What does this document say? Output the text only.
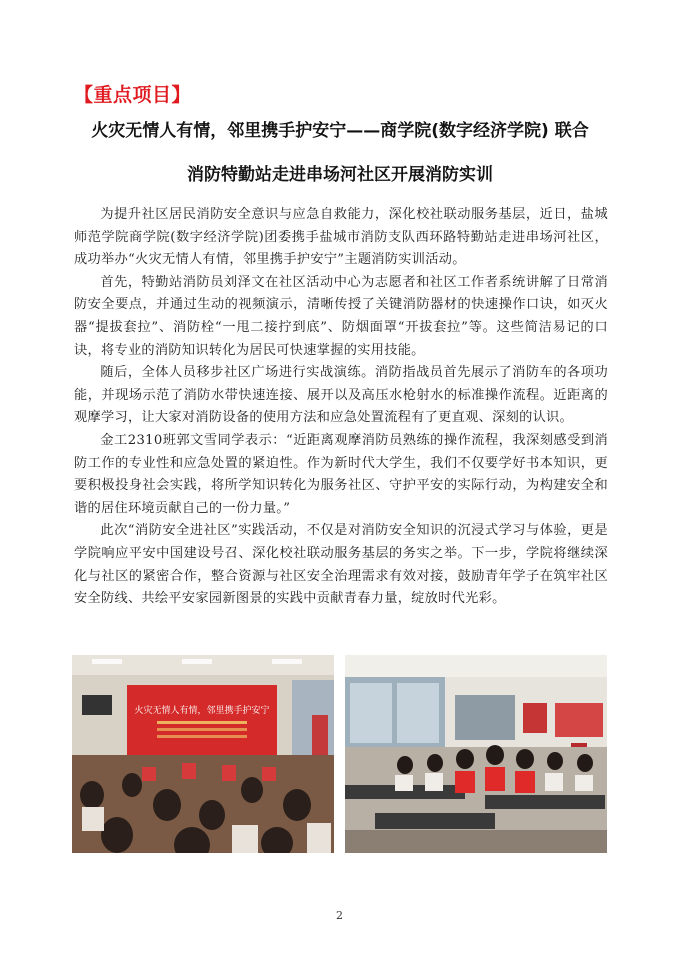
【重点项目】
火灾无情人有情，邻里携手护安宁——商学院(数字经济学院) 联合
消防特勤站走进串场河社区开展消防实训

为提升社区居民消防安全意识与应急自救能力，深化校社联动服务基层，近日，盐城师范学院商学院(数字经济学院)团委携手盐城市消防支队西环路特勤站走进串场河社区，成功举办“火灾无情人有情，邻里携手护安宁”主题消防实训活动。

首先，特勤站消防员刘泽文在社区活动中心为志愿者和社区工作者系统讲解了日常消防安全要点，并通过生动的视频演示，清晰传授了关键消防器材的快速操作口诀，如灭火器“提拔套拉”、消防栓“一甩二接拧到底”、防烟面罩“开拔套拉”等。这些简洁易记的口诀，将专业的消防知识转化为居民可快速掌握的实用技能。

随后，全体人员移步社区广场进行实战演练。消防指战员首先展示了消防车的各项功能，并现场示范了消防水带快速连接、展开以及高压水枪射水的标准操作流程。近距离的观摩学习，让大家对消防设备的使用方法和应急处置流程有了更直观、深刻的认识。

金工2310班郭文雪同学表示：“近距离观摩消防员熟练的操作流程，我深刻感受到消防工作的专业性和应急处置的紧迫性。作为新时代大学生，我们不仅要学好书本知识，更要积极投身社会实践，将所学知识转化为服务社区、守护平安的实际行动，为构建安全和谐的居住环境贡献自己的一份力量。”

此次“消防安全进社区”实践活动，不仅是对消防安全知识的沉浸式学习与体验，更是学院响应平安中国建设号召、深化校社联动服务基层的务实之举。下一步，学院将继续深化与社区的紧密合作，整合资源与社区安全治理需求有效对接，鼓励青年学子在筑牢社区安全防线、共绘平安家园新图景的实践中贡献青春力量，绽放时代光彩。

火灾无情人有情，邻里携手护安宁
2
